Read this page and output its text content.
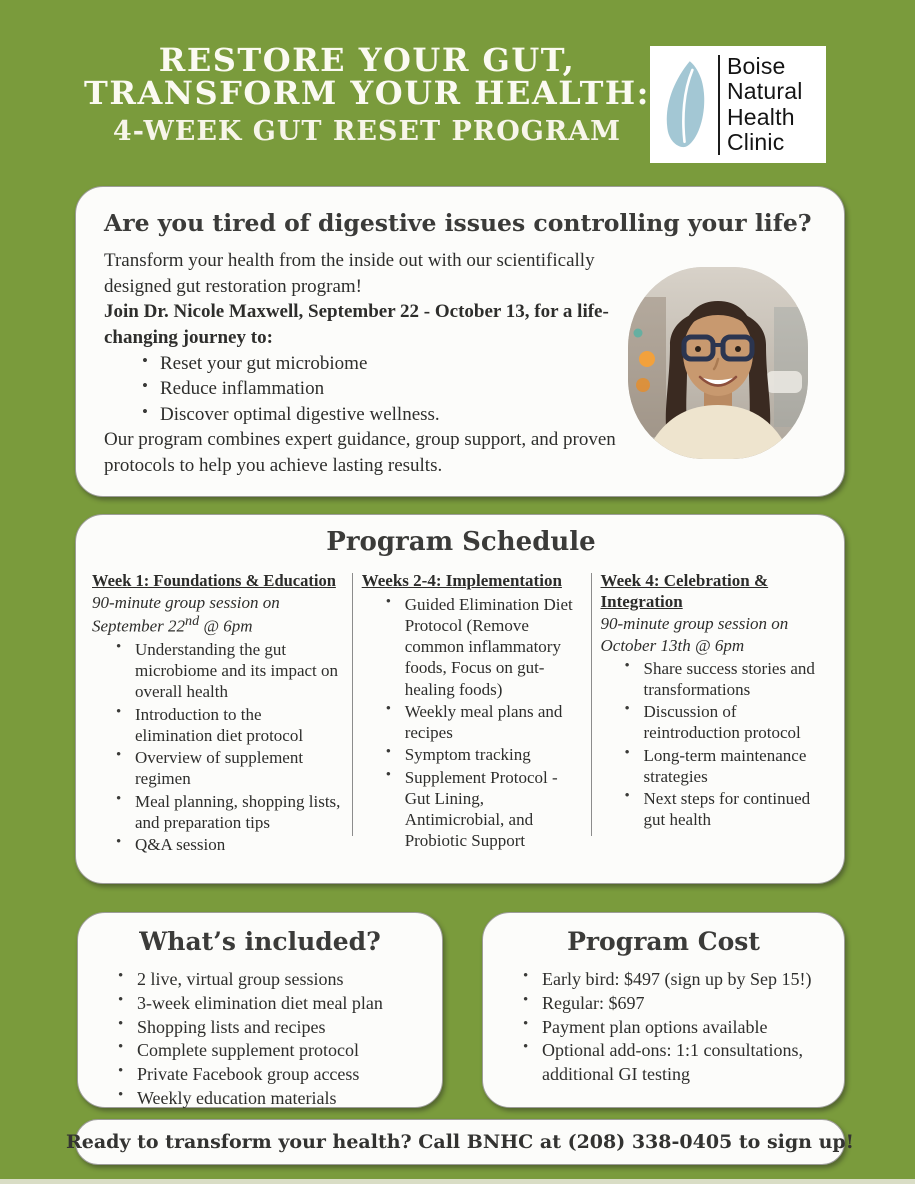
RESTORE YOUR GUT,
TRANSFORM YOUR HEALTH:
4-WEEK GUT RESET PROGRAM
Boise
Natural
Health
Clinic
Are you tired of digestive issues controlling your life?

Transform your health from the inside out with our scientifically designed gut restoration program!

Join Dr. Nicole Maxwell, September 22 - October 13, for a life-changing journey to:

• Reset your gut microbiome
• Reduce inflammation
• Discover optimal digestive wellness.

Our program combines expert guidance, group support, and proven protocols to help you achieve lasting results.

Program Schedule
Week 1: Foundations & Education

90-minute group session on September 22nd @ 6pm

• Understanding the gut microbiome and its impact on overall health
• Introduction to the elimination diet protocol
• Overview of supplement regimen
• Meal planning, shopping lists, and preparation tips
• Q&A session
Weeks 2-4: Implementation
• Guided Elimination Diet Protocol (Remove common inflammatory foods, Focus on gut-healing foods)
• Weekly meal plans and recipes
• Symptom tracking
• Supplement Protocol - Gut Lining, Antimicrobial, and Probiotic Support
Week 4: Celebration & Integration

90-minute group session on October 13th @ 6pm

• Share success stories and transformations
• Discussion of reintroduction protocol
• Long-term maintenance strategies
• Next steps for continued gut health
What’s included?
• 2 live, virtual group sessions
• 3-week elimination diet meal plan
• Shopping lists and recipes
• Complete supplement protocol
• Private Facebook group access
• Weekly education materials
Program Cost
• Early bird: $497 (sign up by Sep 15!)
• Regular: $697
• Payment plan options available
• Optional add-ons: 1:1 consultations, additional GI testing
Ready to transform your health? Call BNHC at (208) 338-0405 to sign up!
